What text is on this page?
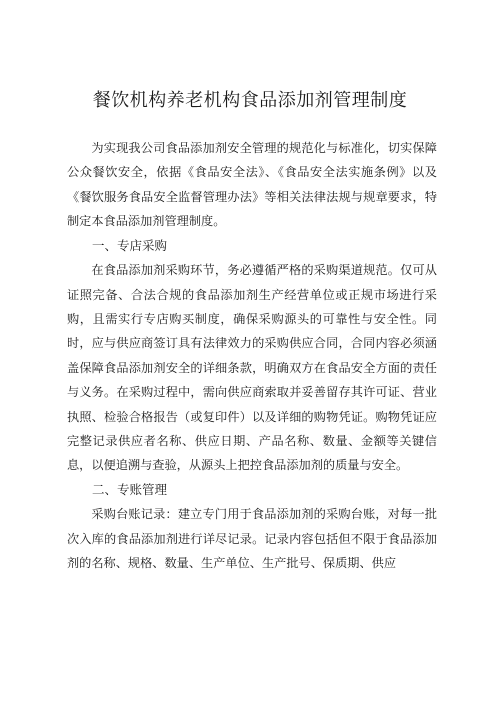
餐饮机构养老机构食品添加剂管理制度

为实现我公司食品添加剂安全管理的规范化与标准化，切实保障公众餐饮安全，依据《食品安全法》、《食品安全法实施条例》以及《餐饮服务食品安全监督管理办法》等相关法律法规与规章要求，特制定本食品添加剂管理制度。

一、专店采购

在食品添加剂采购环节，务必遵循严格的采购渠道规范。仅可从证照完备、合法合规的食品添加剂生产经营单位或正规市场进行采购，且需实行专店购买制度，确保采购源头的可靠性与安全性。同时，应与供应商签订具有法律效力的采购供应合同，合同内容必须涵盖保障食品添加剂安全的详细条款，明确双方在食品安全方面的责任与义务。在采购过程中，需向供应商索取并妥善留存其许可证、营业执照、检验合格报告（或复印件）以及详细的购物凭证。购物凭证应完整记录供应者名称、供应日期、产品名称、数量、金额等关键信息，以便追溯与查验，从源头上把控食品添加剂的质量与安全。

二、专账管理

采购台账记录：建立专门用于食品添加剂的采购台账，对每一批次入库的食品添加剂进行详尽记录。记录内容包括但不限于食品添加剂的名称、规格、数量、生产单位、生产批号、保质期、供应
